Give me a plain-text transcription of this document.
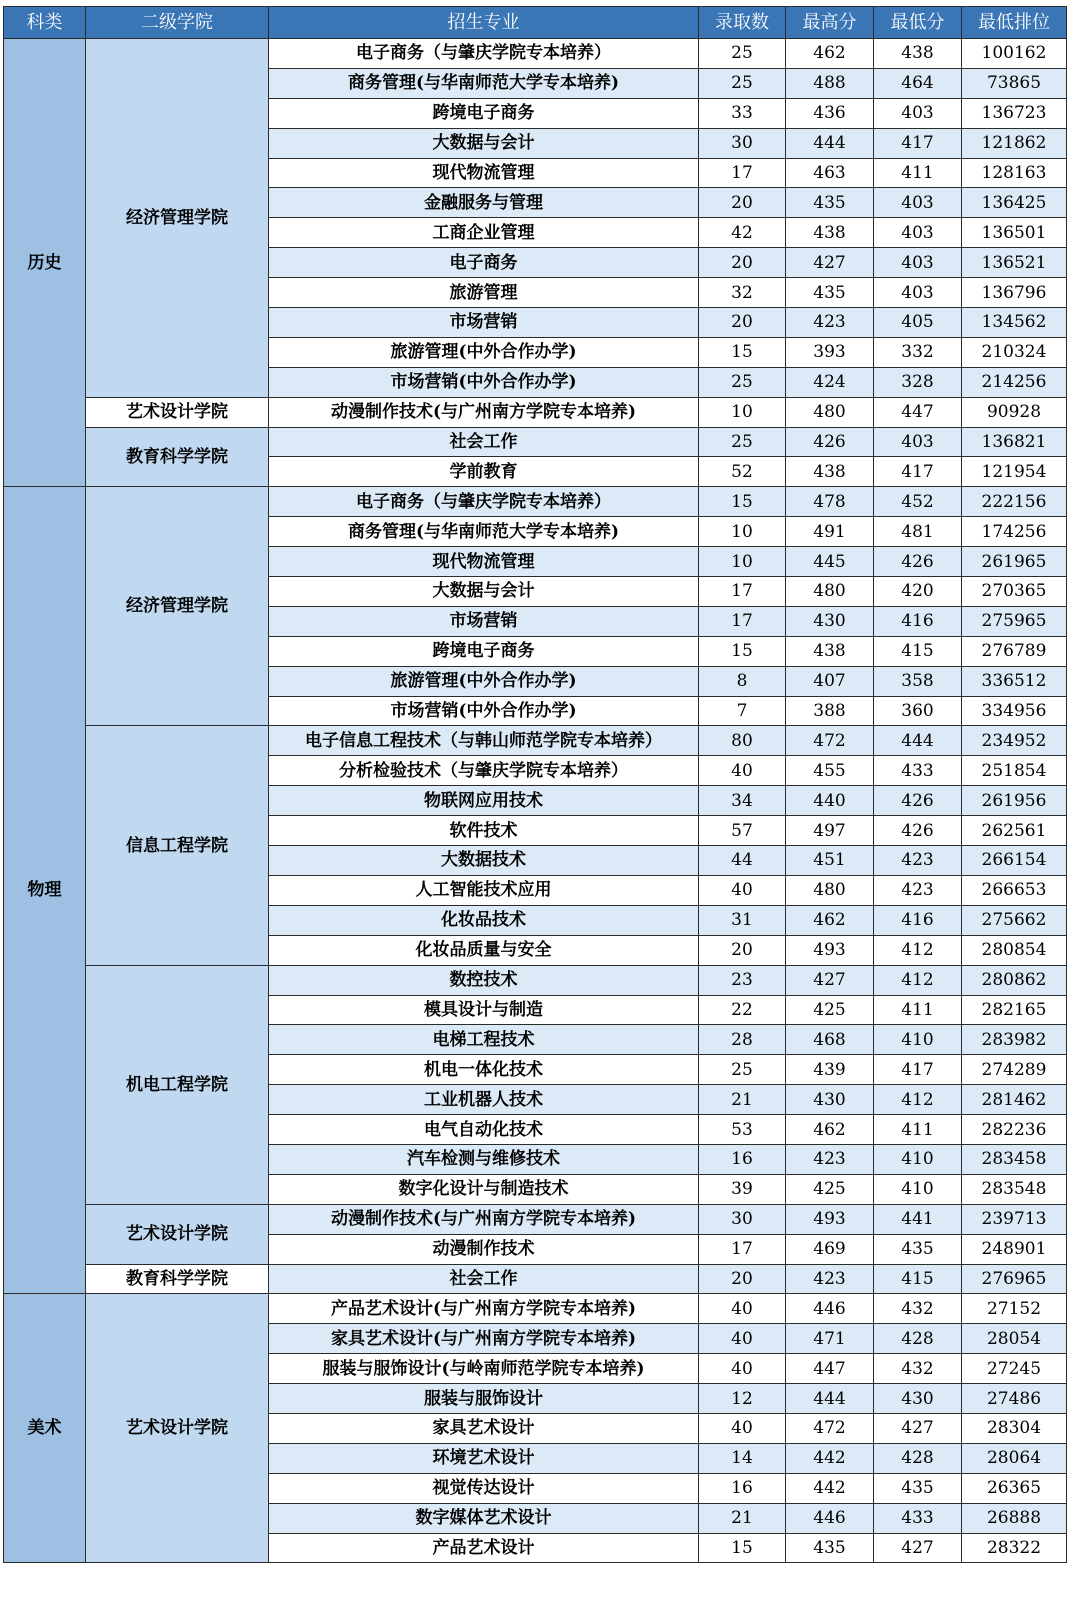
科类	二级学院	招生专业	录取数	最高分	最低分	最低排位
历史	经济管理学院	电子商务（与肇庆学院专本培养）	25	462	438	100162
		商务管理(与华南师范大学专本培养)	25	488	464	73865
		跨境电子商务	33	436	403	136723
		大数据与会计	30	444	417	121862
		现代物流管理	17	463	411	128163
		金融服务与管理	20	435	403	136425
		工商企业管理	42	438	403	136501
		电子商务	20	427	403	136521
		旅游管理	32	435	403	136796
		市场营销	20	423	405	134562
		旅游管理(中外合作办学)	15	393	332	210324
		市场营销(中外合作办学)	25	424	328	214256
	艺术设计学院	动漫制作技术(与广州南方学院专本培养)	10	480	447	90928
	教育科学学院	社会工作	25	426	403	136821
		学前教育	52	438	417	121954
物理	经济管理学院	电子商务（与肇庆学院专本培养）	15	478	452	222156
		商务管理(与华南师范大学专本培养)	10	491	481	174256
		现代物流管理	10	445	426	261965
		大数据与会计	17	480	420	270365
		市场营销	17	430	416	275965
		跨境电子商务	15	438	415	276789
		旅游管理(中外合作办学)	8	407	358	336512
		市场营销(中外合作办学)	7	388	360	334956
	信息工程学院	电子信息工程技术（与韩山师范学院专本培养）	80	472	444	234952
		分析检验技术（与肇庆学院专本培养）	40	455	433	251854
		物联网应用技术	34	440	426	261956
		软件技术	57	497	426	262561
		大数据技术	44	451	423	266154
		人工智能技术应用	40	480	423	266653
		化妆品技术	31	462	416	275662
		化妆品质量与安全	20	493	412	280854
	机电工程学院	数控技术	23	427	412	280862
		模具设计与制造	22	425	411	282165
		电梯工程技术	28	468	410	283982
		机电一体化技术	25	439	417	274289
		工业机器人技术	21	430	412	281462
		电气自动化技术	53	462	411	282236
		汽车检测与维修技术	16	423	410	283458
		数字化设计与制造技术	39	425	410	283548
	艺术设计学院	动漫制作技术(与广州南方学院专本培养)	30	493	441	239713
		动漫制作技术	17	469	435	248901
	教育科学学院	社会工作	20	423	415	276965
美术	艺术设计学院	产品艺术设计(与广州南方学院专本培养)	40	446	432	27152
		家具艺术设计(与广州南方学院专本培养)	40	471	428	28054
		服装与服饰设计(与岭南师范学院专本培养)	40	447	432	27245
		服装与服饰设计	12	444	430	27486
		家具艺术设计	40	472	427	28304
		环境艺术设计	14	442	428	28064
		视觉传达设计	16	442	435	26365
		数字媒体艺术设计	21	446	433	26888
		产品艺术设计	15	435	427	28322
